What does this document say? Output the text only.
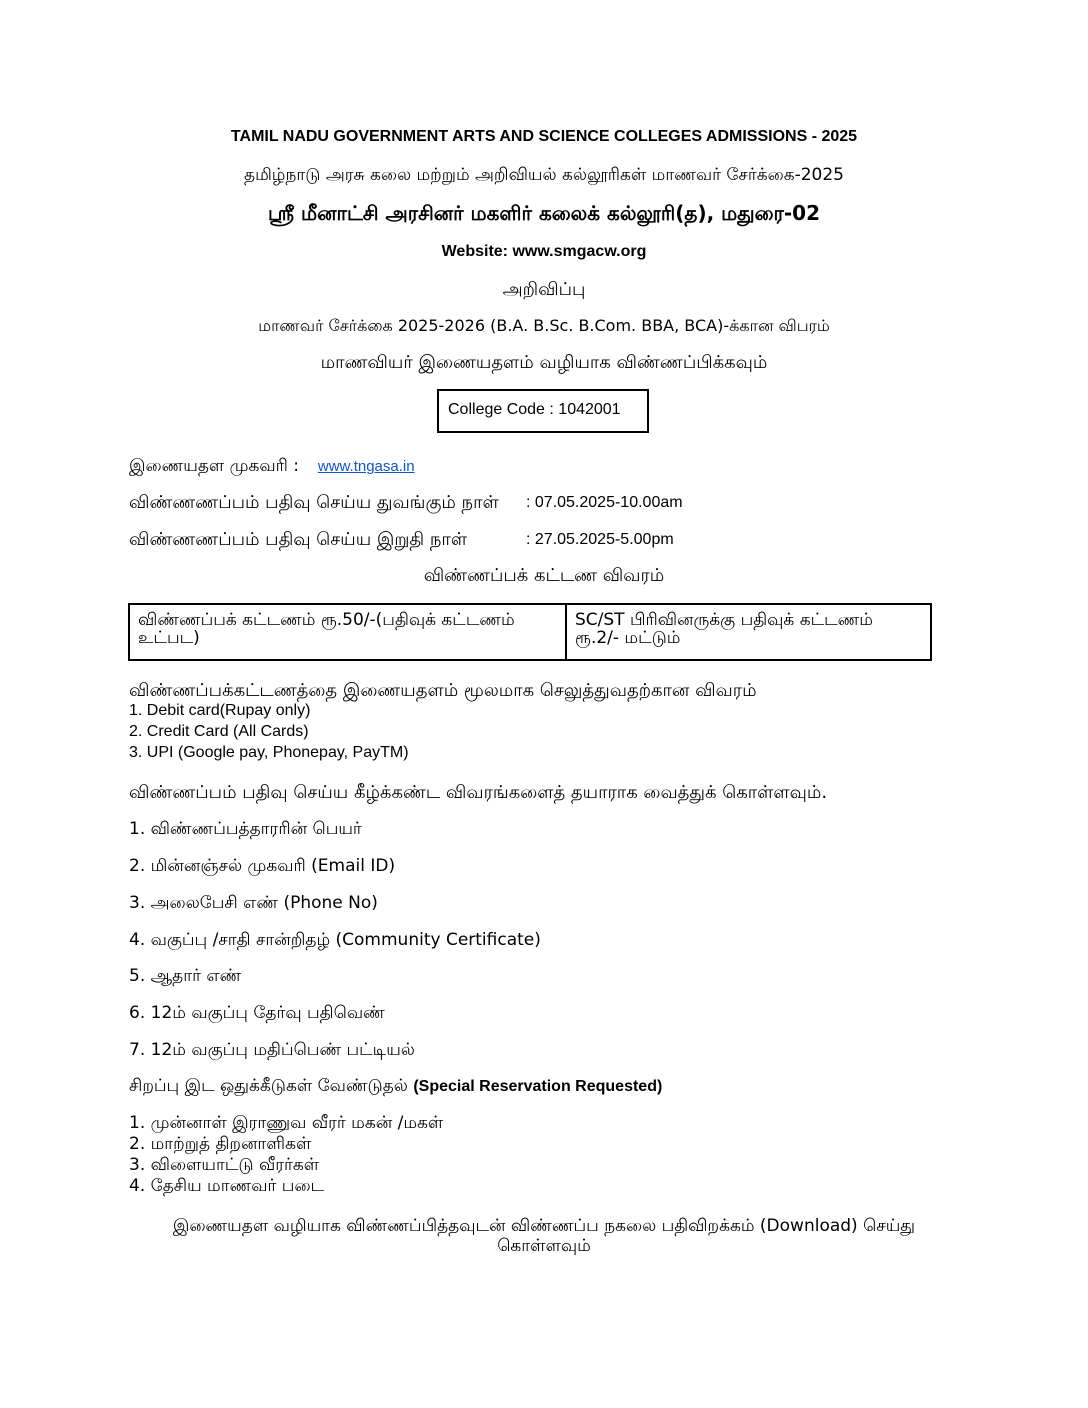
TAMIL NADU GOVERNMENT ARTS AND SCIENCE COLLEGES ADMISSIONS - 2025
தமிழ்நாடு அரசு கலை மற்றும் அறிவியல் கல்லூரிகள் மாணவர் சேர்க்கை-2025
ஸ்ரீ மீனாட்சி அரசினர் மகளிர் கலைக் கல்லூரி(த), மதுரை-02
Website: www.smgacw.org
அறிவிப்பு
மாணவர் சேர்க்கை 2025-2026 (B.A. B.Sc. B.Com. BBA, BCA)-க்கான விபரம்
மாணவியர் இணையதளம் வழியாக விண்ணப்பிக்கவும்
College Code : 1042001
இணையதள முகவரி : www.tngasa.in
விண்ணணப்பம் பதிவு செய்ய துவங்கும் நாள் : 07.05.2025-10.00am
விண்ணணப்பம் பதிவு செய்ய இறுதி நாள்	: 27.05.2025-5.00pm
விண்ணப்பக் கட்டண விவரம்
விண்ணப்பக் கட்டணம் ரூ.50/-(பதிவுக் கட்டணம் உட்பட)
SC/ST பிரிவினருக்கு பதிவுக் கட்டணம் ரூ.2/- மட்டும்
விண்ணப்பக்கட்டணத்தை இணையதளம் மூலமாக செலுத்துவதற்கான விவரம்
1. Debit card(Rupay only)
2. Credit Card (All Cards)
3. UPI (Google pay, Phonepay, PayTM)
விண்ணப்பம் பதிவு செய்ய கீழ்க்கண்ட விவரங்களைத் தயாராக வைத்துக் கொள்ளவும்.
1. விண்ணப்பத்தாரரின் பெயர்
2. மின்னஞ்சல் முகவரி (Email ID)
3. அலைபேசி எண் (Phone No)
4. வகுப்பு /சாதி சான்றிதழ் (Community Certificate)
5. ஆதார் எண்
6. 12ம் வகுப்பு தேர்வு பதிவெண்
7. 12ம் வகுப்பு மதிப்பெண் பட்டியல்
சிறப்பு இட ஒதுக்கீடுகள் வேண்டுதல் (Special Reservation Requested)
1. முன்னாள் இராணுவ வீரர் மகன் /மகள்
2. மாற்றுத் திறனாளிகள்
3. விளையாட்டு வீரர்கள்
4. தேசிய மாணவர் படை
இணையதள வழியாக விண்ணப்பித்தவுடன் விண்ணப்ப நகலை பதிவிறக்கம் (Download) செய்து
கொள்ளவும்
